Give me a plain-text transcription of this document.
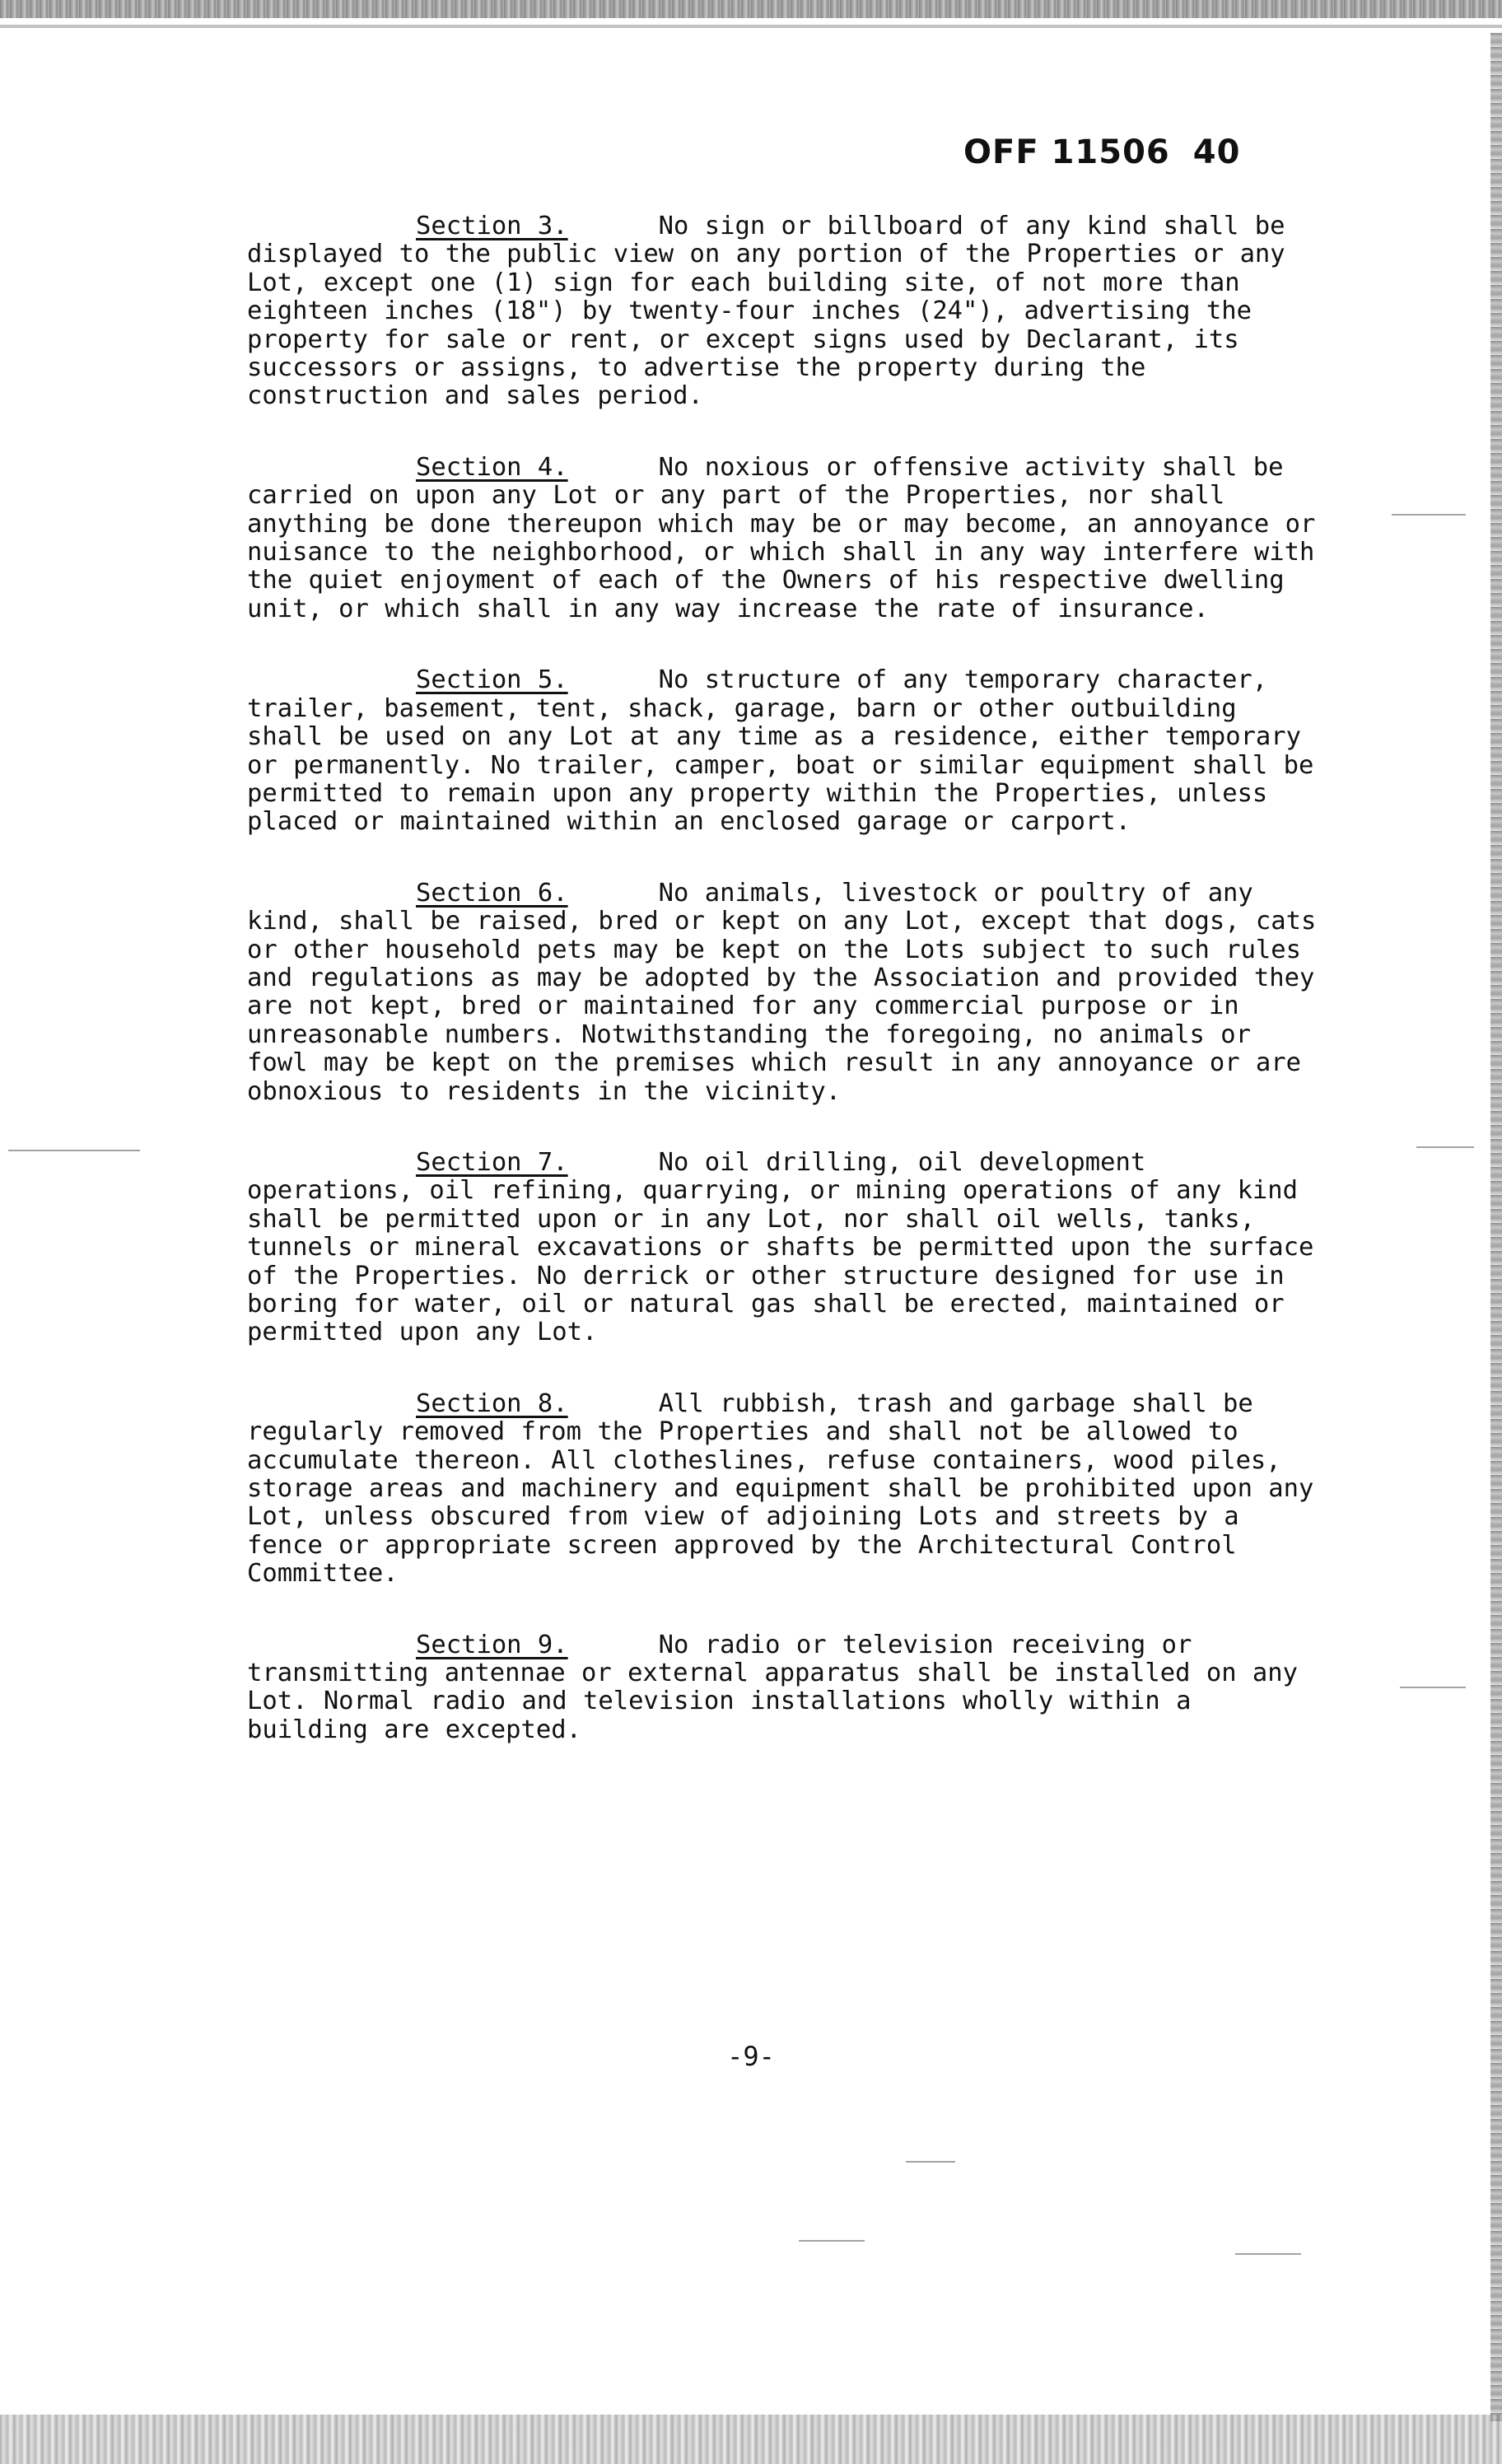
OFF 11506 40

Section 3.	No sign or billboard of any kind shall be displayed to the public view on any portion of the Properties or any Lot, except one (1) sign for each building site, of not more than eighteen inches (18") by twenty-four inches (24"), advertising the property for sale or rent, or except signs used by Declarant, its successors or assigns, to advertise the property during the construction and sales period.

Section 4.	No noxious or offensive activity shall be carried on upon any Lot or any part of the Properties, nor shall anything be done thereupon which may be or may become, an annoyance or nuisance to the neighborhood, or which shall in any way interfere with the quiet enjoyment of each of the Owners of his respective dwelling unit, or which shall in any way increase the rate of insurance.

Section 5.	No structure of any temporary character, trailer, basement, tent, shack, garage, barn or other outbuilding shall be used on any Lot at any time as a residence, either temporary or permanently. No trailer, camper, boat or similar equipment shall be permitted to remain upon any property within the Properties, unless placed or maintained within an enclosed garage or carport.

Section 6.	No animals, livestock or poultry of any kind, shall be raised, bred or kept on any Lot, except that dogs, cats or other household pets may be kept on the Lots subject to such rules and regulations as may be adopted by the Association and provided they are not kept, bred or maintained for any commercial purpose or in unreasonable numbers. Notwithstanding the foregoing, no animals or fowl may be kept on the premises which result in any annoyance or are obnoxious to residents in the vicinity.

Section 7.	No oil drilling, oil development operations, oil refining, quarrying, or mining operations of any kind shall be permitted upon or in any Lot, nor shall oil wells, tanks, tunnels or mineral excavations or shafts be permitted upon the surface of the Properties. No derrick or other structure designed for use in boring for water, oil or natural gas shall be erected, maintained or permitted upon any Lot.

Section 8.	All rubbish, trash and garbage shall be regularly removed from the Properties and shall not be allowed to accumulate thereon. All clotheslines, refuse containers, wood piles, storage areas and machinery and equipment shall be prohibited upon any Lot, unless obscured from view of adjoining Lots and streets by a fence or appropriate screen approved by the Architectural Control Committee.

Section 9.	No radio or television receiving or transmitting antennae or external apparatus shall be installed on any Lot. Normal radio and television installations wholly within a building are excepted.

-9-
